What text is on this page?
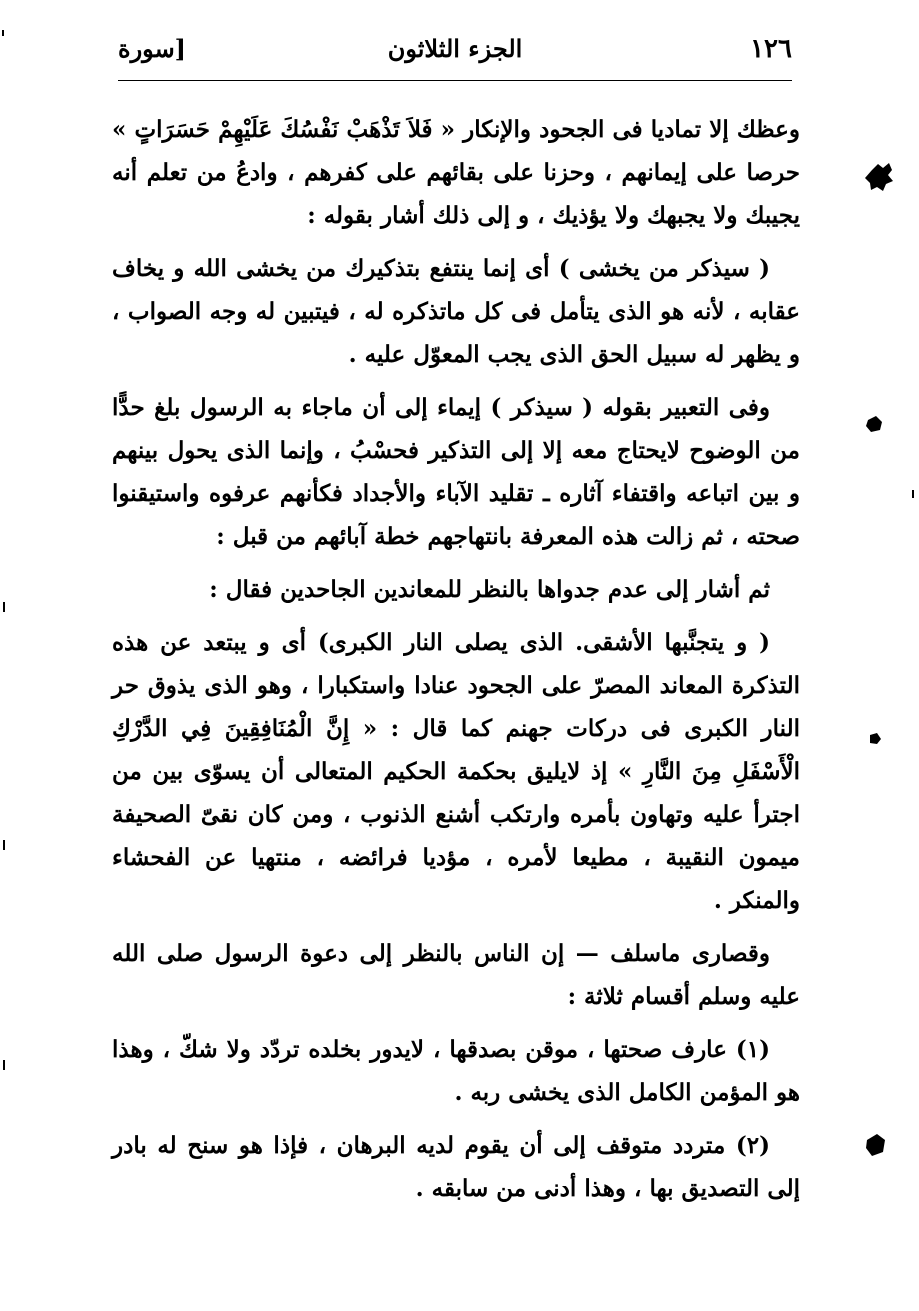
١٢٦
الجزء الثلاثون
[سورة

وعظك إلا تماديا فى الجحود والإنكار « فَلاَ تَذْهَبْ نَفْسُكَ عَلَيْهِمْ حَسَرَاتٍ » حرصا على إيمانهم ، وحزنا على بقائهم على كفرهم ، وادعُ من تعلم أنه يجيبك ولا يجبهك ولا يؤذيك ، و إلى ذلك أشار بقوله :

( سيذكر من يخشى ) أى إنما ينتفع بتذكيرك من يخشى الله و يخاف عقابه ، لأنه هو الذى يتأمل فى كل ماتذكره له ، فيتبين له وجه الصواب ، و يظهر له سبيل الحق الذى يجب المعوّل عليه .

وفى التعبير بقوله ( سيذكر ) إيماء إلى أن ماجاء به الرسول بلغ حدًّا من الوضوح لايحتاج معه إلا إلى التذكير فحسْبُ ، وإنما الذى يحول بينهم و بين اتباعه واقتفاء آثاره ـ تقليد الآباء والأجداد فكأنهم عرفوه واستيقنوا صحته ، ثم زالت هذه المعرفة بانتهاجهم خطة آبائهم من قبل :

ثم أشار إلى عدم جدواها بالنظر للمعاندين الجاحدين فقال :

( و يتجنَّبها الأشقى. الذى يصلى النار الكبرى) أى و يبتعد عن هذه التذكرة المعاند المصرّ على الجحود عنادا واستكبارا ، وهو الذى يذوق حر النار الكبرى فى دركات جهنم كما قال : « إِنَّ الْمُنَافِقِينَ فِي الدَّرْكِ الْأَسْفَلِ مِنَ النَّارِ » إذ لايليق بحكمة الحكيم المتعالى أن يسوّى بين من اجترأ عليه وتهاون بأمره وارتكب أشنع الذنوب ، ومن كان نقىّ الصحيفة ميمون النقيبة ، مطيعا لأمره ، مؤديا فرائضه ، منتهيا عن الفحشاء والمنكر .

وقصارى ماسلف — إن الناس بالنظر إلى دعوة الرسول صلى الله عليه وسلم أقسام ثلاثة :

(١) عارف صحتها ، موقن بصدقها ، لايدور بخلده تردّد ولا شكّ ، وهذا هو المؤمن الكامل الذى يخشى ربه .

(٢) متردد متوقف إلى أن يقوم لديه البرهان ، فإذا هو سنح له بادر إلى التصديق بها ، وهذا أدنى من سابقه .
